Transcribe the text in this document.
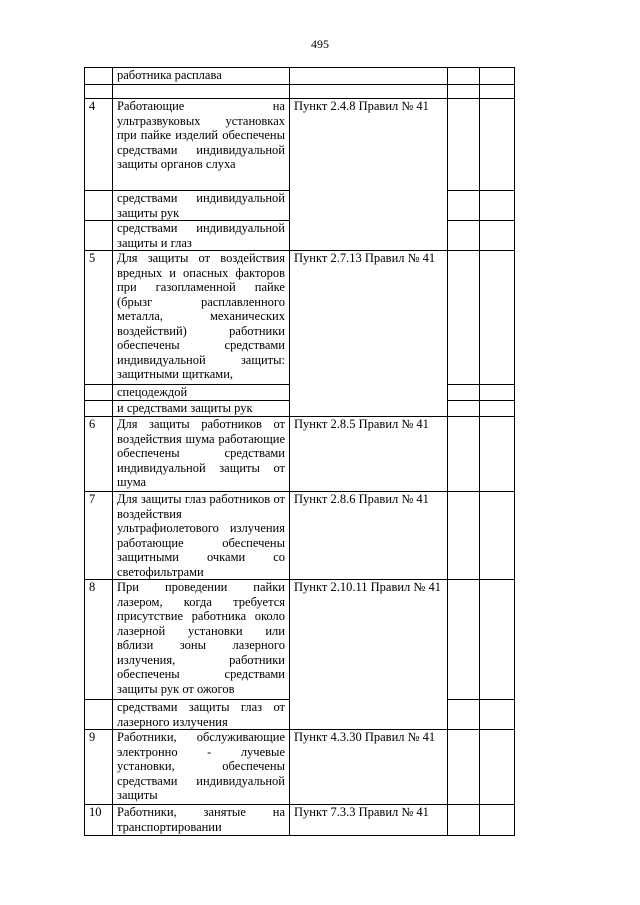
495
	работника расплава			

4	Работающие на ультразвуковых установках при пайке изделий обеспечены средствами индивидуальной защиты органов слуха	Пункт 2.4.8 Правил № 41		
	средствами индивидуальной защиты рук			
	средствами индивидуальной защиты и глаз			
5	Для защиты от воздействия вредных и опасных факторов при газопламенной пайке (брызг расплавленного металла, механических воздействий) работники обеспечены средствами индивидуальной защиты: защитными щитками,	Пункт 2.7.13 Правил № 41		
	спецодеждой			
	и средствами защиты рук			
6	Для защиты работников от воздействия шума работающие обеспечены средствами индивидуальной защиты от шума	Пункт 2.8.5 Правил № 41		
7	Для защиты глаз работников от воздействия ультрафиолетового излучения работающие обеспечены защитными очками со светофильтрами	Пункт 2.8.6 Правил № 41		
8	При проведении пайки лазером, когда требуется присутствие работника около лазерной установки или вблизи зоны лазерного излучения, работники обеспечены средствами защиты рук от ожогов	Пункт 2.10.11 Правил № 41		
	средствами защиты глаз от лазерного излучения			
9	Работники, обслуживающие электронно - лучевые установки, обеспечены средствами индивидуальной защиты	Пункт 4.3.30 Правил № 41		
10	Работники, занятые на транспортировании	Пункт 7.3.3 Правил № 41		
